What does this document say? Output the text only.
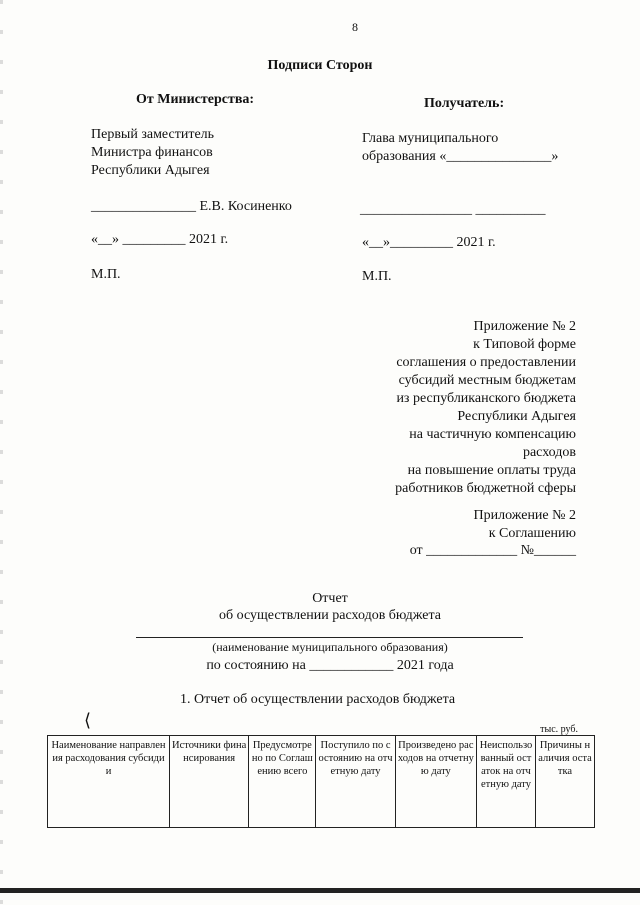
8
Подписи Сторон
От Министерства:
Первый заместитель
Министра финансов
Республики Адыгея
_______________ Е.В. Косиненко
«__» _________ 2021 г.
М.П.
Получатель:
Глава муниципального
образования «_______________»
________________ __________
«__»_________ 2021 г.
М.П.
Приложение № 2
к Типовой форме
соглашения о предоставлении
субсидий местным бюджетам
из республиканского бюджета
Республики Адыгея
на частичную компенсацию
расходов
на повышение оплаты труда
работников бюджетной сферы
Приложение № 2
к Соглашению
от _____________ №______
Отчет
об осуществлении расходов бюджета
(наименование муниципального образования)
по состоянию на ____________ 2021 года
1. Отчет об осуществлении расходов бюджета
⟨	тыс. руб.
Наименование направления расходования субсидии	Источники финансирования	Предусмотрено по Соглашению всего	Поступило по состоянию на отчетную дату	Произведено расходов на отчетную дату	Неиспользованный остаток на отчетную дату	Причины наличия остатка
